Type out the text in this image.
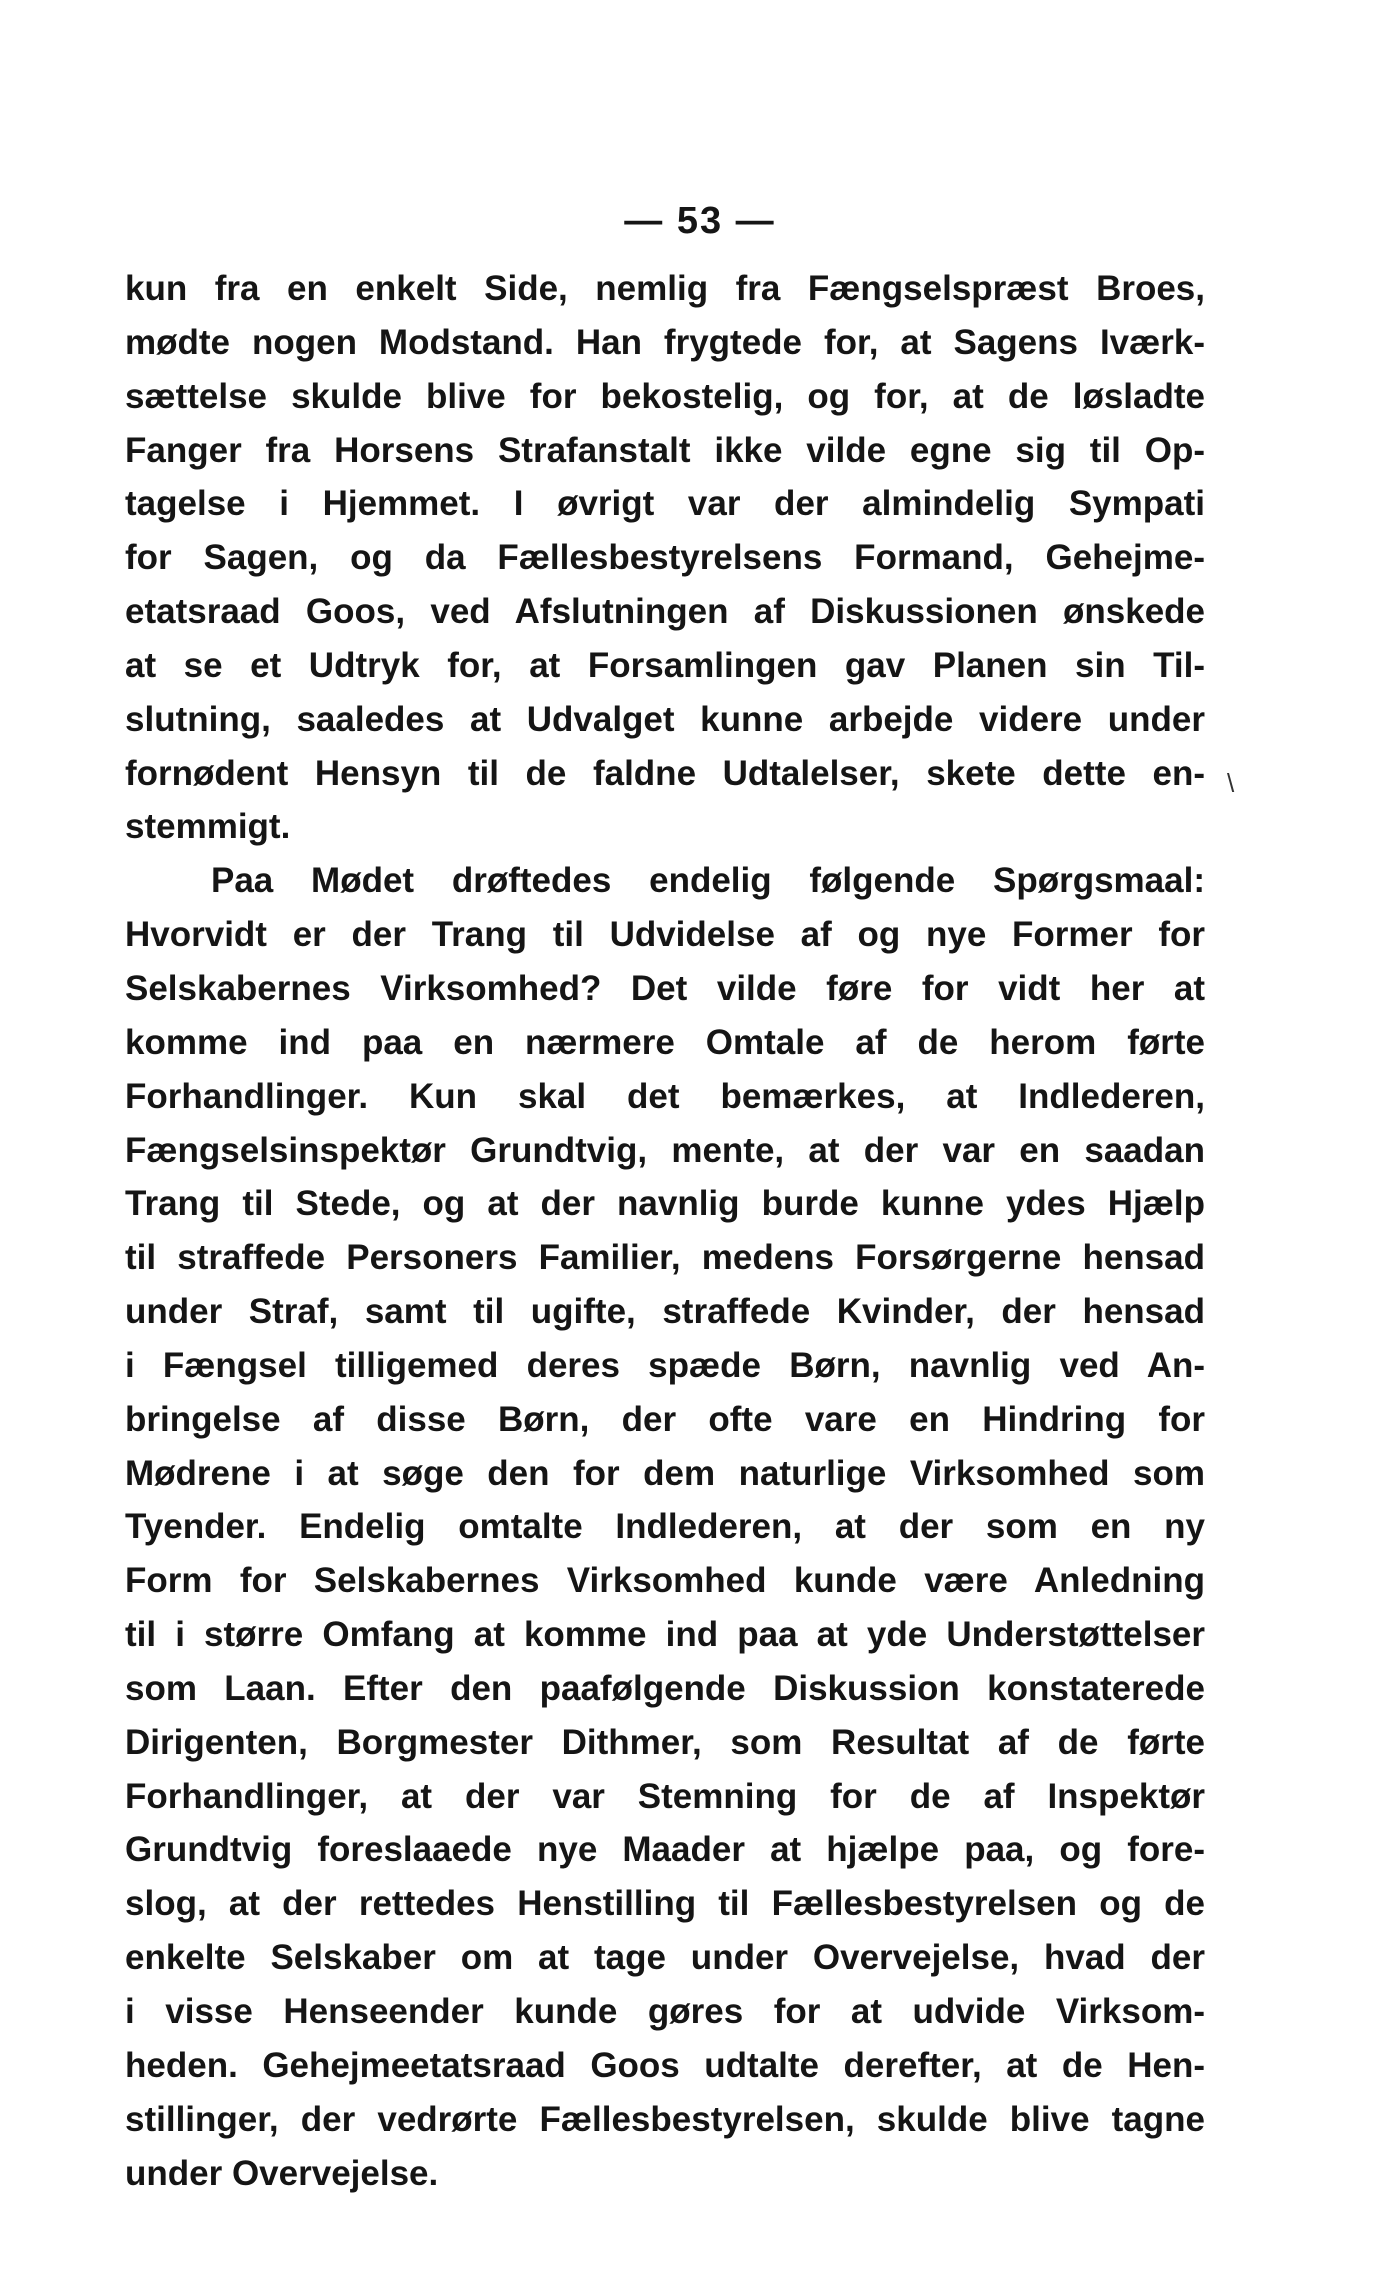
— 53 —
\
kun fra en enkelt Side, nemlig fra Fængselspræst Broes,
mødte nogen Modstand. Han frygtede for, at Sagens Iværk-
sættelse skulde blive for bekostelig, og for, at de løsladte
Fanger fra Horsens Strafanstalt ikke vilde egne sig til Op-
tagelse i Hjemmet. I øvrigt var der almindelig Sympati
for Sagen, og da Fællesbestyrelsens Formand, Gehejme-
etatsraad Goos, ved Afslutningen af Diskussionen ønskede
at se et Udtryk for, at Forsamlingen gav Planen sin Til-
slutning, saaledes at Udvalget kunne arbejde videre under
fornødent Hensyn til de faldne Udtalelser, skete dette en-
stemmigt.
Paa Mødet drøftedes endelig følgende Spørgsmaal:
Hvorvidt er der Trang til Udvidelse af og nye Former for
Selskabernes Virksomhed? Det vilde føre for vidt her at
komme ind paa en nærmere Omtale af de herom førte
Forhandlinger. Kun skal det bemærkes, at Indlederen,
Fængselsinspektør Grundtvig, mente, at der var en saadan
Trang til Stede, og at der navnlig burde kunne ydes Hjælp
til straffede Personers Familier, medens Forsørgerne hensad
under Straf, samt til ugifte, straffede Kvinder, der hensad
i Fængsel tilligemed deres spæde Børn, navnlig ved An-
bringelse af disse Børn, der ofte vare en Hindring for
Mødrene i at søge den for dem naturlige Virksomhed som
Tyender. Endelig omtalte Indlederen, at der som en ny
Form for Selskabernes Virksomhed kunde være Anledning
til i større Omfang at komme ind paa at yde Understøttelser
som Laan. Efter den paafølgende Diskussion konstaterede
Dirigenten, Borgmester Dithmer, som Resultat af de førte
Forhandlinger, at der var Stemning for de af Inspektør
Grundtvig foreslaaede nye Maader at hjælpe paa, og fore-
slog, at der rettedes Henstilling til Fællesbestyrelsen og de
enkelte Selskaber om at tage under Overvejelse, hvad der
i visse Henseender kunde gøres for at udvide Virksom-
heden. Gehejmeetatsraad Goos udtalte derefter, at de Hen-
stillinger, der vedrørte Fællesbestyrelsen, skulde blive tagne
under Overvejelse.
